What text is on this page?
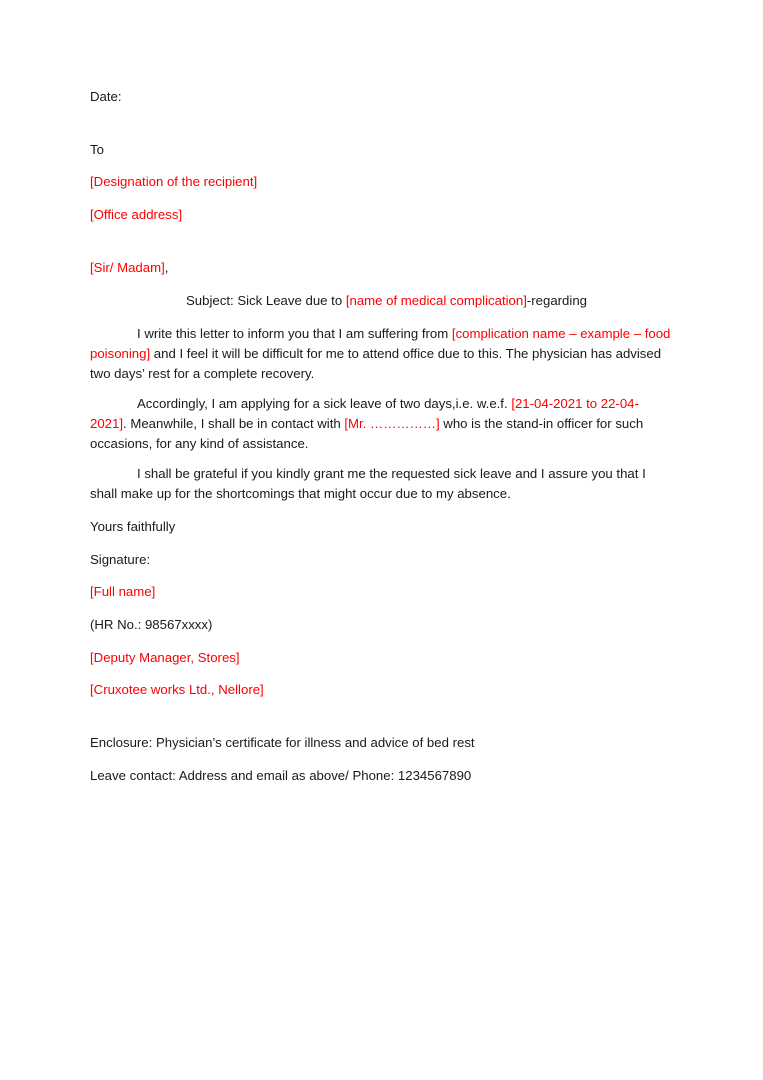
Date:

To

[Designation of the recipient]

[Office address]

[Sir/ Madam],

Subject: Sick Leave due to [name of medical complication]-regarding

I write this letter to inform you that I am suffering from [complication name – example – food poisoning] and I feel it will be difficult for me to attend office due to this. The physician has advised two days’ rest for a complete recovery.

Accordingly, I am applying for a sick leave of two days,i.e. w.e.f. [21-04-2021 to 22-04-2021]. Meanwhile, I shall be in contact with [Mr. ……………] who is the stand-in officer for such occasions, for any kind of assistance.

I shall be grateful if you kindly grant me the requested sick leave and I assure you that I shall make up for the shortcomings that might occur due to my absence.

Yours faithfully

Signature:

[Full name]

(HR No.: 98567xxxx)

[Deputy Manager, Stores]

[Cruxotee works Ltd., Nellore]

Enclosure: Physician’s certificate for illness and advice of bed rest

Leave contact: Address and email as above/ Phone: 1234567890
